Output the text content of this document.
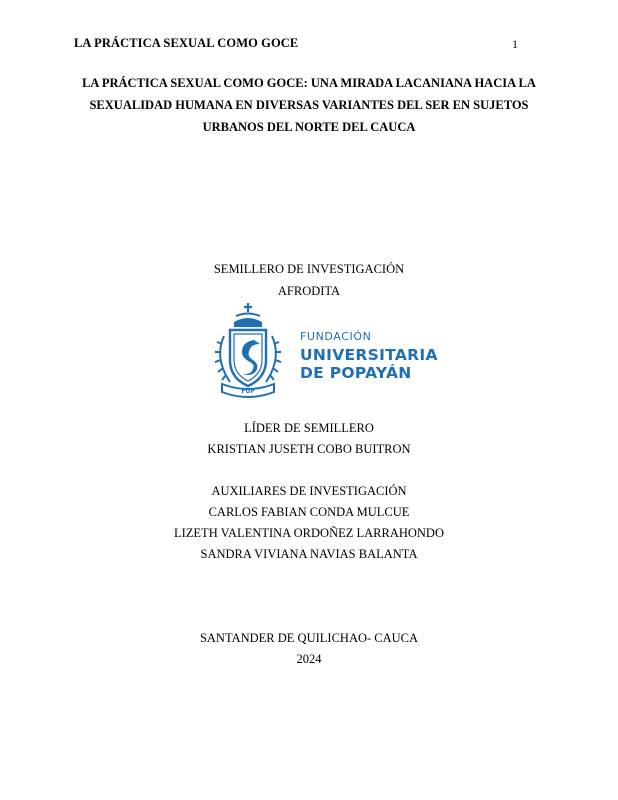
LA PRÁCTICA SEXUAL COMO GOCE	1

LA PRÁCTICA SEXUAL COMO GOCE: UNA MIRADA LACANIANA HACIA LA
SEXUALIDAD HUMANA EN DIVERSAS VARIANTES DEL SER EN SUJETOS
URBANOS DEL NORTE DEL CAUCA

SEMILLERO DE INVESTIGACIÓN
AFRODITA
FUP
FUNDACIÓN
UNIVERSITARIA
DE POPAYÁN
LÍDER DE SEMILLERO
KRISTIAN JUSETH COBO BUITRON
AUXILIARES DE INVESTIGACIÓN
CARLOS FABIAN CONDA MULCUE
LIZETH VALENTINA ORDOÑEZ LARRAHONDO
SANDRA VIVIANA NAVIAS BALANTA
SANTANDER DE QUILICHAO- CAUCA
2024
